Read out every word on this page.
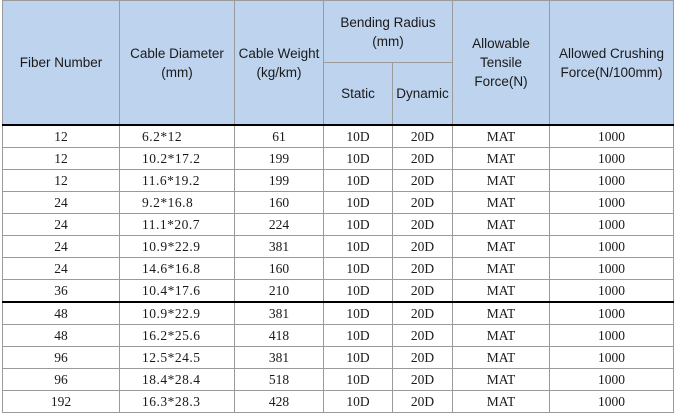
Fiber Number	Cable Diameter (mm)	Cable Weight (kg/km)	Bending Radius (mm)		Allowable Tensile Force(N)	Allowed Crushing Force(N/100mm)
			Static	Dynamic		
12	6.2*12	61	10D	20D	MAT	1000
12	10.2*17.2	199	10D	20D	MAT	1000
12	11.6*19.2	199	10D	20D	MAT	1000
24	9.2*16.8	160	10D	20D	MAT	1000
24	11.1*20.7	224	10D	20D	MAT	1000
24	10.9*22.9	381	10D	20D	MAT	1000
24	14.6*16.8	160	10D	20D	MAT	1000
36	10.4*17.6	210	10D	20D	MAT	1000
48	10.9*22.9	381	10D	20D	MAT	1000
48	16.2*25.6	418	10D	20D	MAT	1000
96	12.5*24.5	381	10D	20D	MAT	1000
96	18.4*28.4	518	10D	20D	MAT	1000
192	16.3*28.3	428	10D	20D	MAT	1000
